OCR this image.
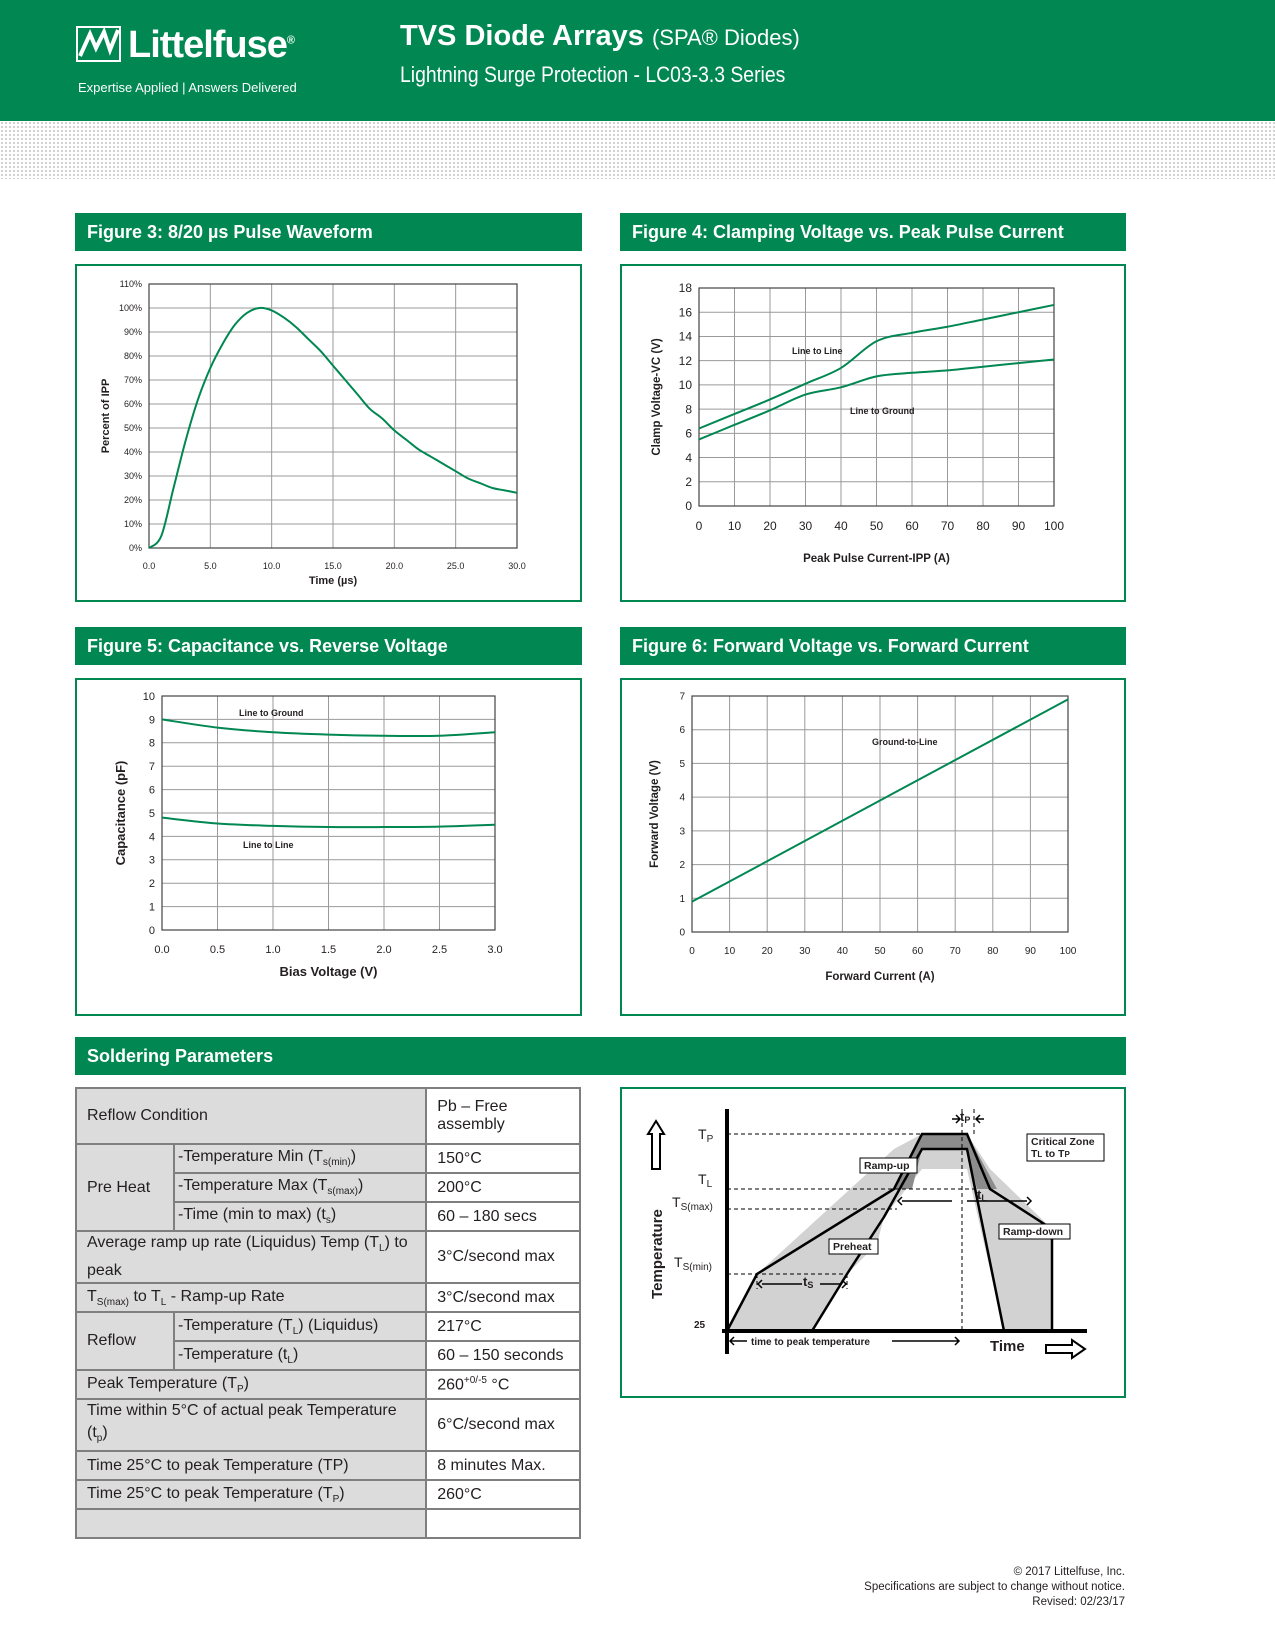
Littelfuse®
Expertise Applied | Answers Delivered
TVS Diode Arrays (SPA® Diodes)
Lightning Surge Protection - LC03-3.3 Series
Figure 3: 8/20 µs Pulse Waveform	Figure 4: Clamping Voltage vs. Peak Pulse Current
Figure 5: Capacitance vs. Reverse Voltage	Figure 6: Forward Voltage vs. Forward Current
0.0	5.0	10.0	15.0	20.0	25.0	30.0
0%
10%
20%
30%
40%
50%
60%
70%
80%
90%
100%
110%
Time (µs)
Percent of IPP
0 10 20 30 40 50 60 70 80 90 100
0
2
4
6
8
10
12
14
16
18
Peak Pulse Current-IPP (A)
Clamp Voltage-VC (V)	Line to Line
Line to Ground
0.0	0.5	1.0	1.5	2.0	2.5	3.0
0
1
2
3
4
5
6
7
8
9
10
Bias Voltage (V)
Capacitance (pF)
Line to Ground
Line to Line
0	10	20	30	40	50	60	70	80	90 100
0
1
2
3
4
5
6
7
Forward Current (A)
Forward Voltage (V)
Ground-to-Line
Soldering Parameters
Reflow Condition		Pb – Free assembly
Pre Heat	-Temperature Min $(T_{s(min)})$	150°C
	-Temperature Max $(T_{s(max)})$	200°C
	-Time (min to max) $(t_s)$	60 – 180 secs
Average ramp up rate (Liquidus) Temp $(T_L)$ to peak		3°C/second max
$T_{S(max)}$ to $T_L$ - Ramp-up Rate		3°C/second max
Reflow	-Temperature $(T_L)$ (Liquidus)	217°C
	-Temperature $(t_L)$	60 – 150 seconds
Peak Temperature $(T_P)$		$260^{+0/-5}$ °C
Time within 5°C of actual peak Temperature $(t_p)$		6°C/second max
Time 25°C to peak Temperature (TP)		8 minutes Max.
Time 25°C to peak Temperature $(T_P)$		260°C

Temperature
Time
$T_P$
$T_L$
$T_{S(max)}$
$T_{S(min)}$
25
tP
tL
tS
Ramp-up
Preheat
Ramp-down
Critical Zone
TL to TP
time to peak temperature
© 2017 Littelfuse, Inc.
Specifications are subject to change without notice.
Revised: 02/23/17
